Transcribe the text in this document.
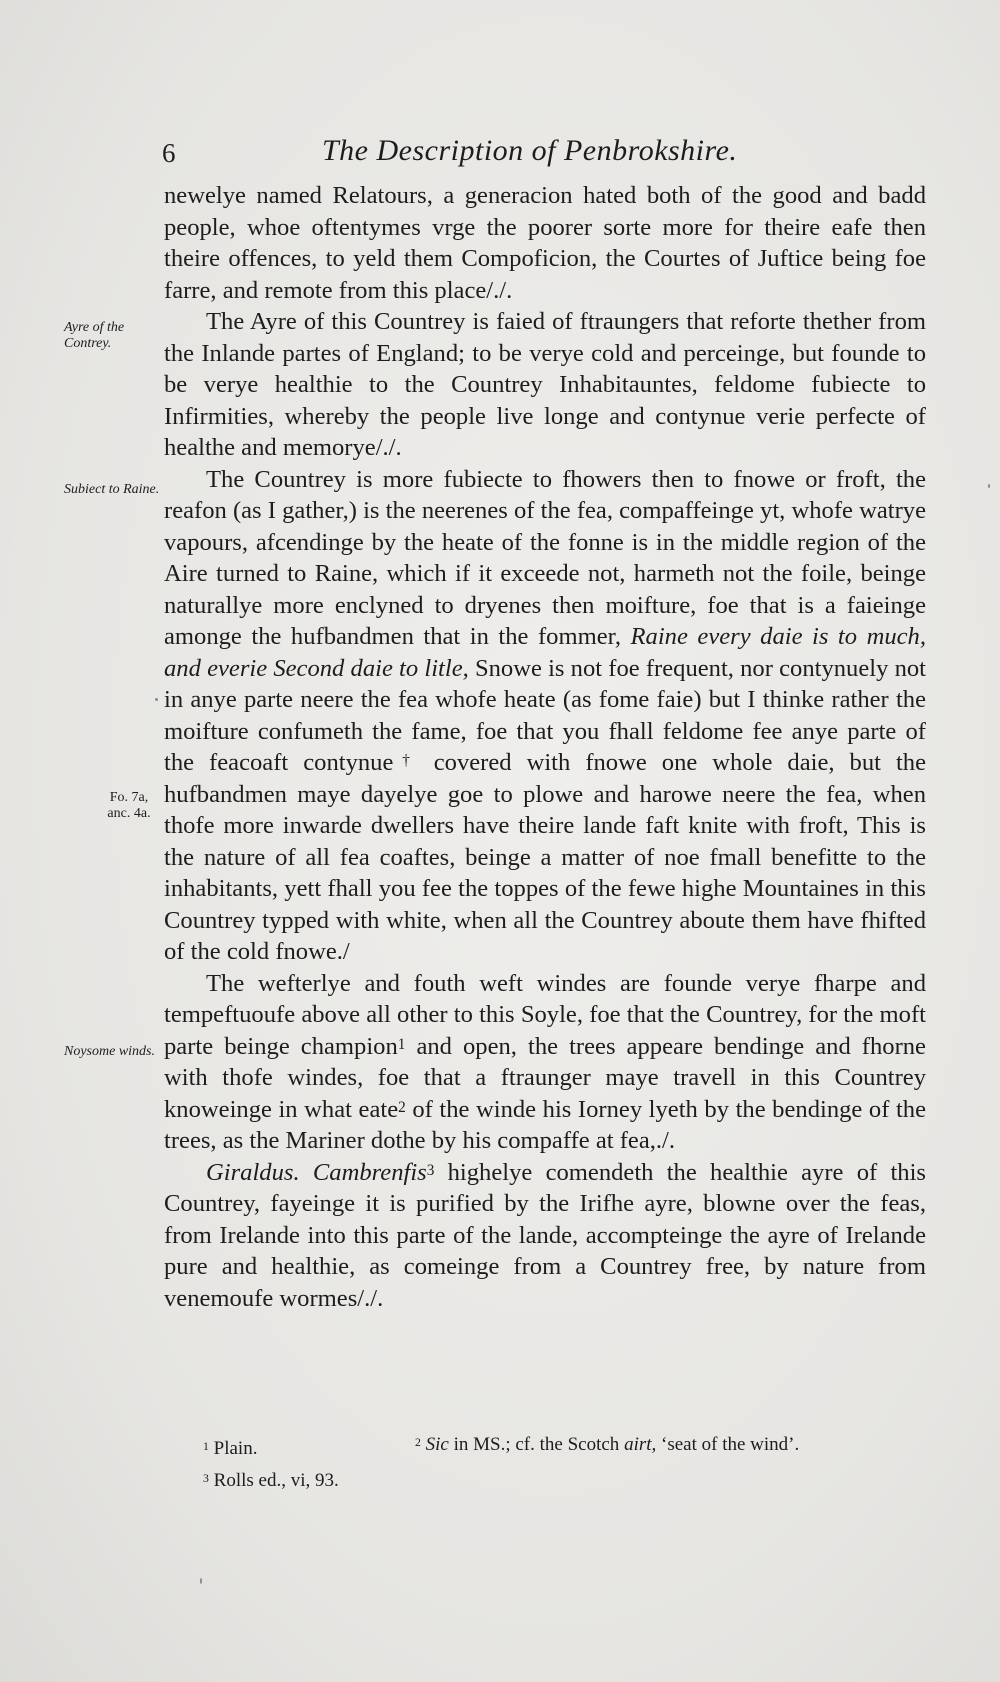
6	The Description of Penbrokshire.
Ayre of the Contrey.
Subiect to Raine.
Fo. 7a, anc. 4a.
Noysome winds.

newelye named Relatours, a generacion hated both of the good and badd people, whoe oftentymes vrge the poorer sorte more for theire eafe then theire offences, to yeld them Compoficion, the Courtes of Juftice being foe farre, and remote from this place/./.

The Ayre of this Countrey is faied of ftraungers that reforte thether from the Inlande partes of England; to be verye cold and perceinge, but founde to be verye healthie to the Countrey Inhabitauntes, feldome fubiecte to Infirmities, whereby the people live longe and contynue verie perfecte of healthe and memorye/./.

The Countrey is more fubiecte to fhowers then to fnowe or froft, the reafon (as I gather,) is the neerenes of the fea, compaffeinge yt, whofe watrye vapours, afcendinge by the heate of the fonne is in the middle region of the Aire turned to Raine, which if it exceede not, harmeth not the foile, beinge naturallye more enclyned to dryenes then moifture, foe that is a faieinge amonge the hufbandmen that in the fommer, Raine every daie is to much, and everie Second daie to litle, Snowe is not foe frequent, nor contynuely not in anye parte neere the fea whofe heate (as fome faie) but I thinke rather the moifture confumeth the fame, foe that you fhall feldome fee anye parte of the feacoaft contynue† covered with fnowe one whole daie, but the hufbandmen maye dayelye goe to plowe and harowe neere the fea, when thofe more inwarde dwellers have theire lande faft knite with froft, This is the nature of all fea coaftes, beinge a matter of noe fmall benefitte to the inhabitants, yett fhall you fee the toppes of the fewe highe Mountaines in this Countrey typped with white, when all the Countrey aboute them have fhifted of the cold fnowe./

The wefterlye and fouth weft windes are founde verye fharpe and tempeftuoufe above all other to this Soyle, foe that the Countrey, for the moft parte beinge champion$^1$ and open, the trees appeare bendinge and fhorne with thofe windes, foe that a ftraunger maye travell in this Countrey knoweinge in what eate$^2$ of the winde his Iorney lyeth by the bendinge of the trees, as the Mariner dothe by his compaffe at fea,./.

Giraldus. Cambrenfis$^3$ highelye comendeth the healthie ayre of this Countrey, fayeinge it is purified by the Irifhe ayre, blowne over the feas, from Irelande into this parte of the lande, accompteinge the ayre of Irelande pure and healthie, as comeinge from a Countrey free, by nature from venemoufe wormes/./.

$^1$ Plain.	$^2$ Sic in MS.; cf. the Scotch airt, ‘seat of the wind’.
$^3$ Rolls ed., vi, 93.
